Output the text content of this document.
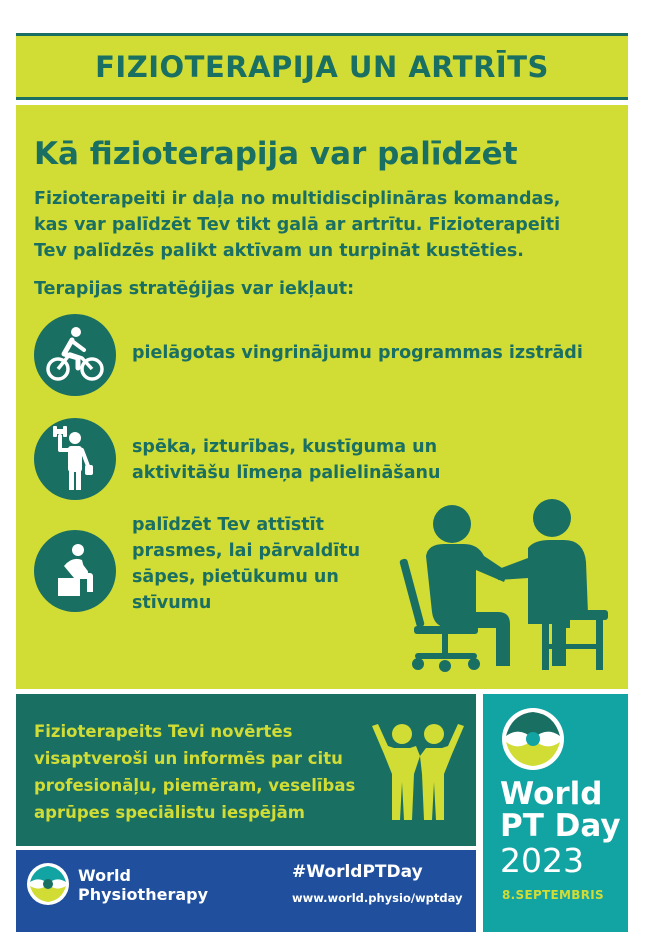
FIZIOTERAPIJA UN ARTRĪTS
Kā fizioterapija var palīdzēt
Fizioterapeiti ir daļa no multidisciplināras komandas,
kas var palīdzēt Tev tikt galā ar artrītu. Fizioterapeiti
Tev palīdzēs palikt aktīvam un turpināt kustēties.
Terapijas stratēģijas var iekļaut:
pielāgotas vingrinājumu programmas izstrādi
spēka, izturības, kustīguma un
aktivitāšu līmeņa palielināšanu
palīdzēt Tev attīstīt
prasmes, lai pārvaldītu
sāpes, pietūkumu un
stīvumu
Fizioterapeits Tevi novērtēs
visaptveroši un informēs par citu
profesionāļu, piemēram, veselības
aprūpes speciālistu iespējām
World
Physiotherapy
#WorldPTDay
www.world.physio/wptday
World
PT Day
2023
8.SEPTEMBRIS
